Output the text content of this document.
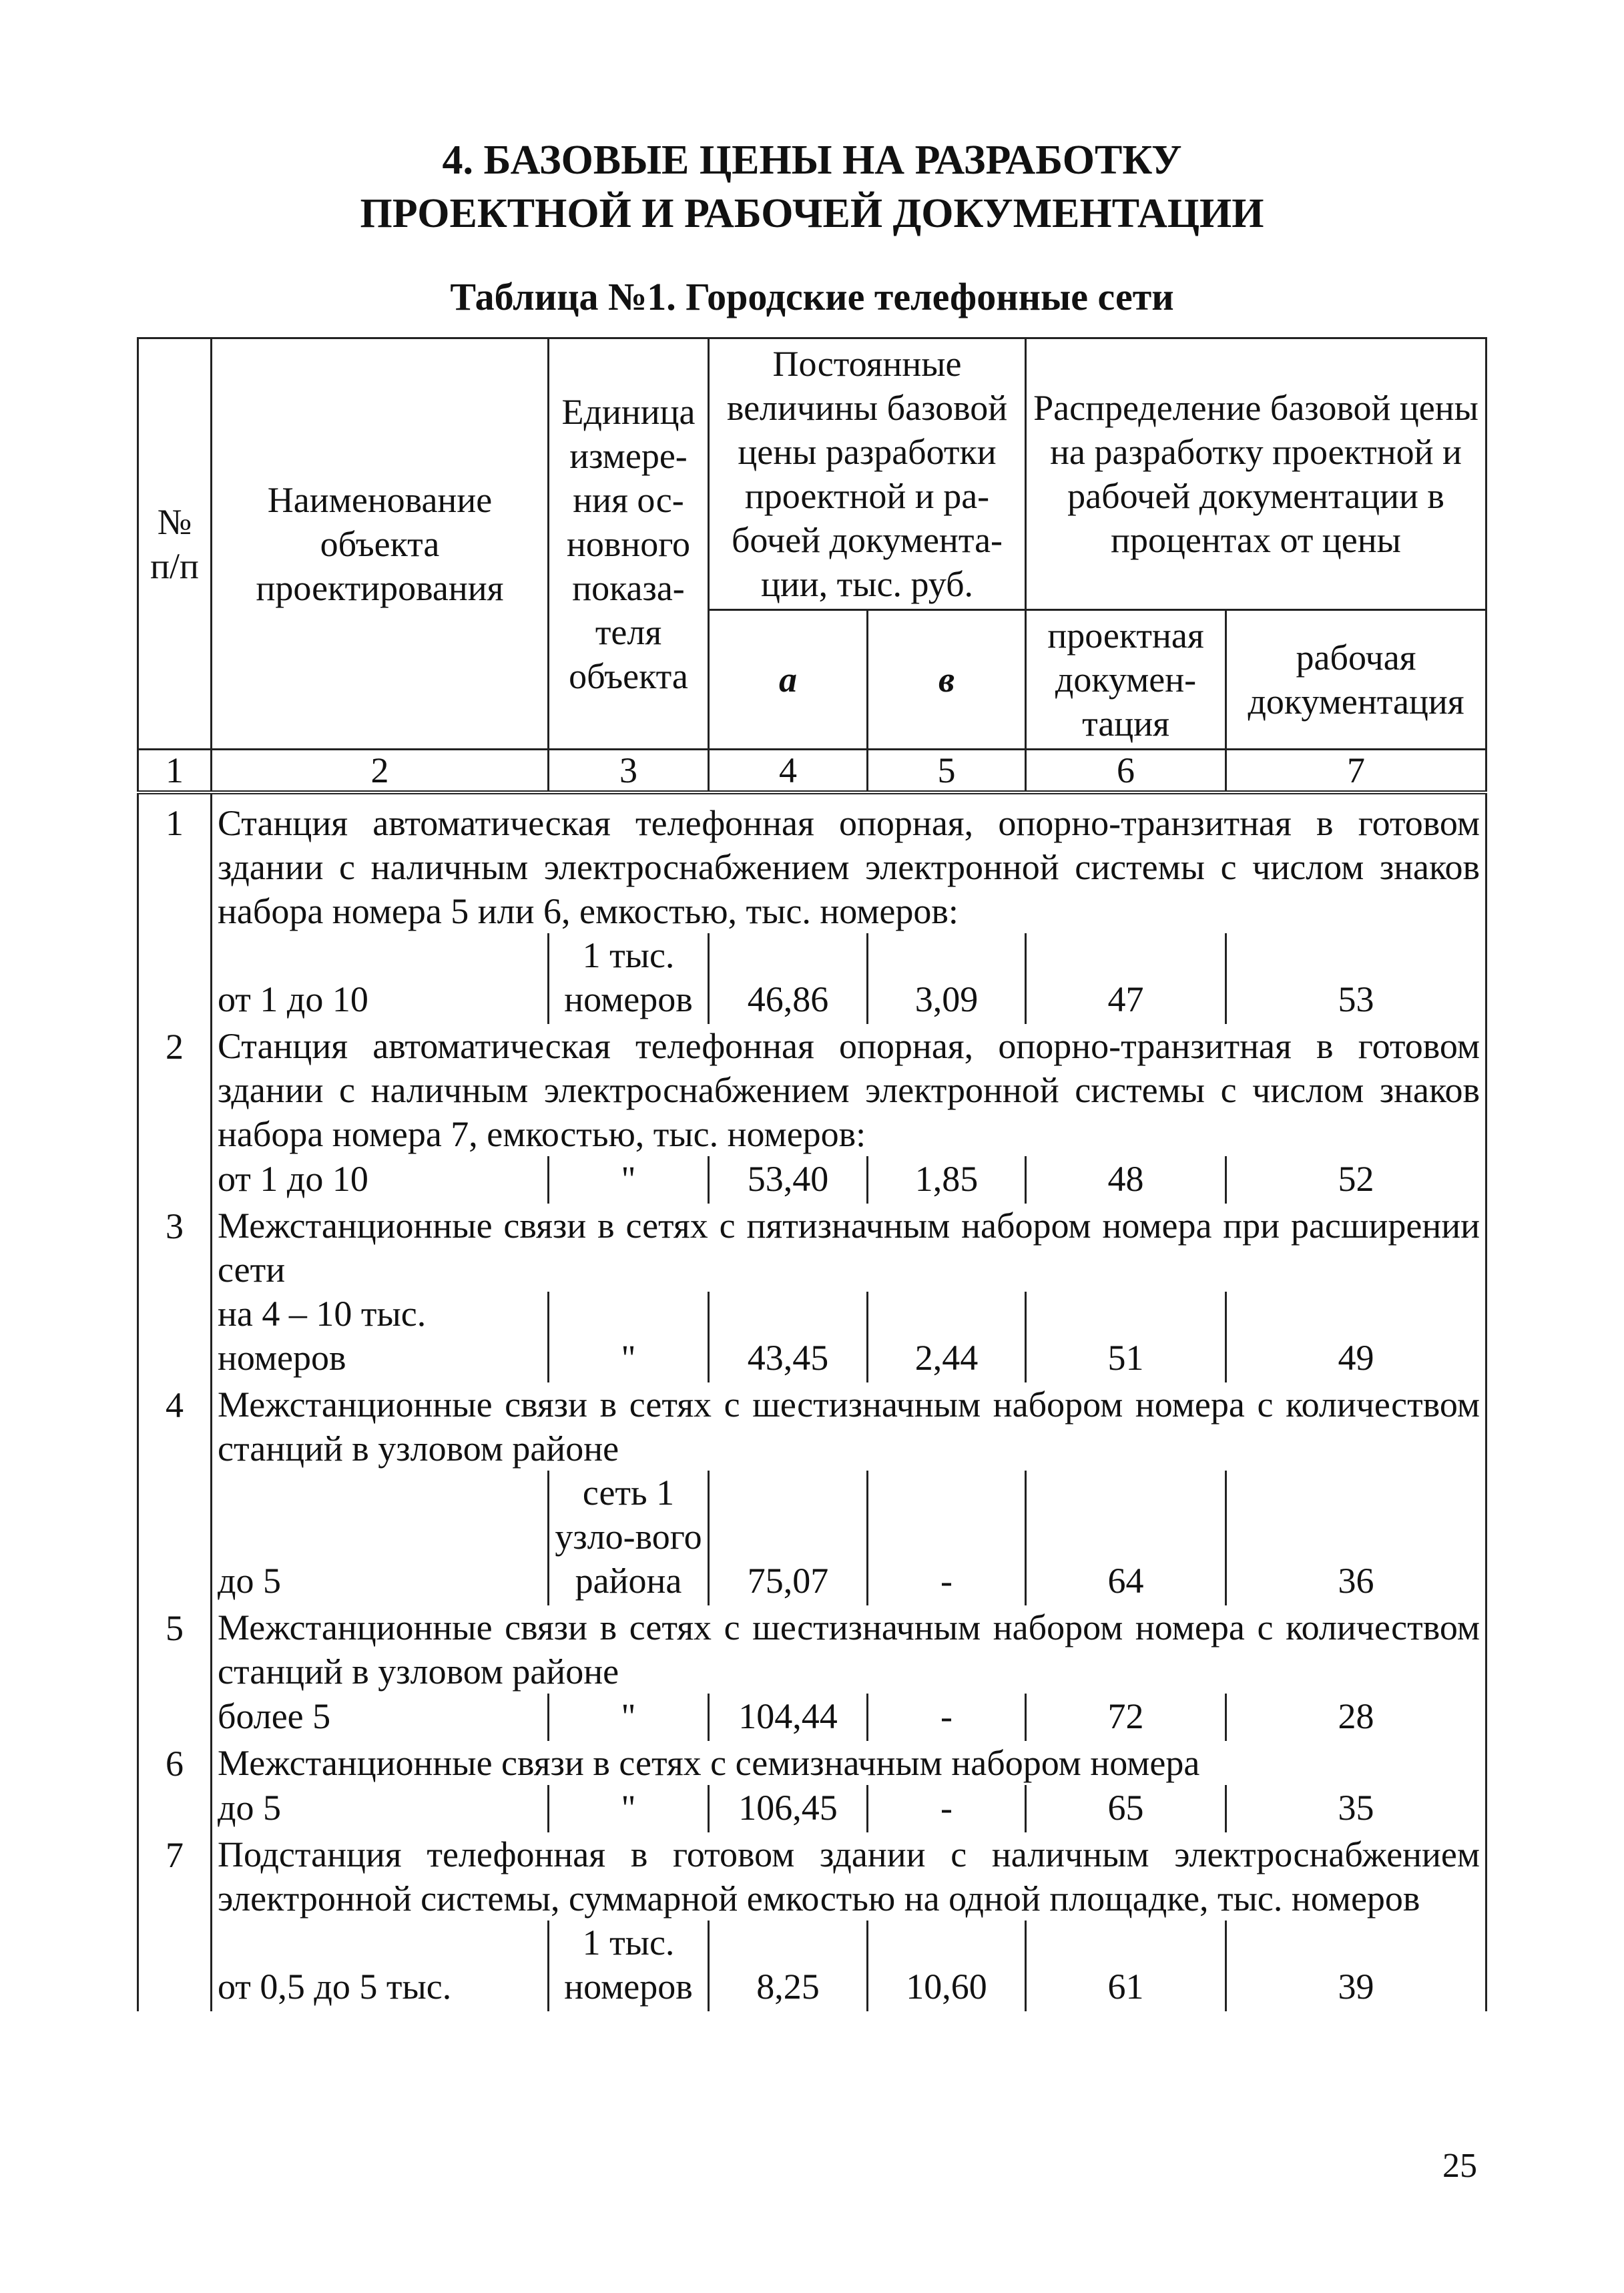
4. БАЗОВЫЕ ЦЕНЫ НА РАЗРАБОТКУ
ПРОЕКТНОЙ И РАБОЧЕЙ ДОКУМЕНТАЦИИ
Таблица №1. Городские телефонные сети
№ п/п	Наименование объекта проектирования	Единица измере-ния ос-новного показа-теля объекта	Постоянные величины базовой цены разработки проектной и ра-бочей документа-ции, тыс. руб.		Распределение базовой цены на разработку проектной и рабочей документации в процентах от цены	
			а	в	проектная докумен-тация	рабочая документация
1	2	3	4	5	6	7
1	Станция автоматическая телефонная опорная, опорно-транзитная в готовом здании с наличным электроснабжением электронной системы с числом знаков набора номера 5 или 6, емкостью, тыс. номеров:					
	от 1 до 10	1 тыс. номеров	46,86	3,09	47	53
2	Станция автоматическая телефонная опорная, опорно-транзитная в готовом здании с наличным электроснабжением электронной системы с числом знаков набора номера 7, емкостью, тыс. номеров:					
	от 1 до 10	"	53,40	1,85	48	52
3	Межстанционные связи в сетях с пятизначным набором номера при расширении сети					
	на 4 – 10 тыс. номеров	"	43,45	2,44	51	49
4	Межстанционные связи в сетях с шестизначным набором номера с количеством станций в узловом районе					
	до 5	сеть 1 узло-вого района	75,07	-	64	36
5	Межстанционные связи в сетях с шестизначным набором номера с количеством станций в узловом районе					
	более 5	"	104,44	-	72	28
6	Межстанционные связи в сетях с семизначным набором номера					
	до 5	"	106,45	-	65	35
7	Подстанция телефонная в готовом здании с наличным электроснабжением электронной системы, суммарной емкостью на одной площадке, тыс. номеров					
	от 0,5 до 5 тыс.	1 тыс. номеров	8,25	10,60	61	39
25
